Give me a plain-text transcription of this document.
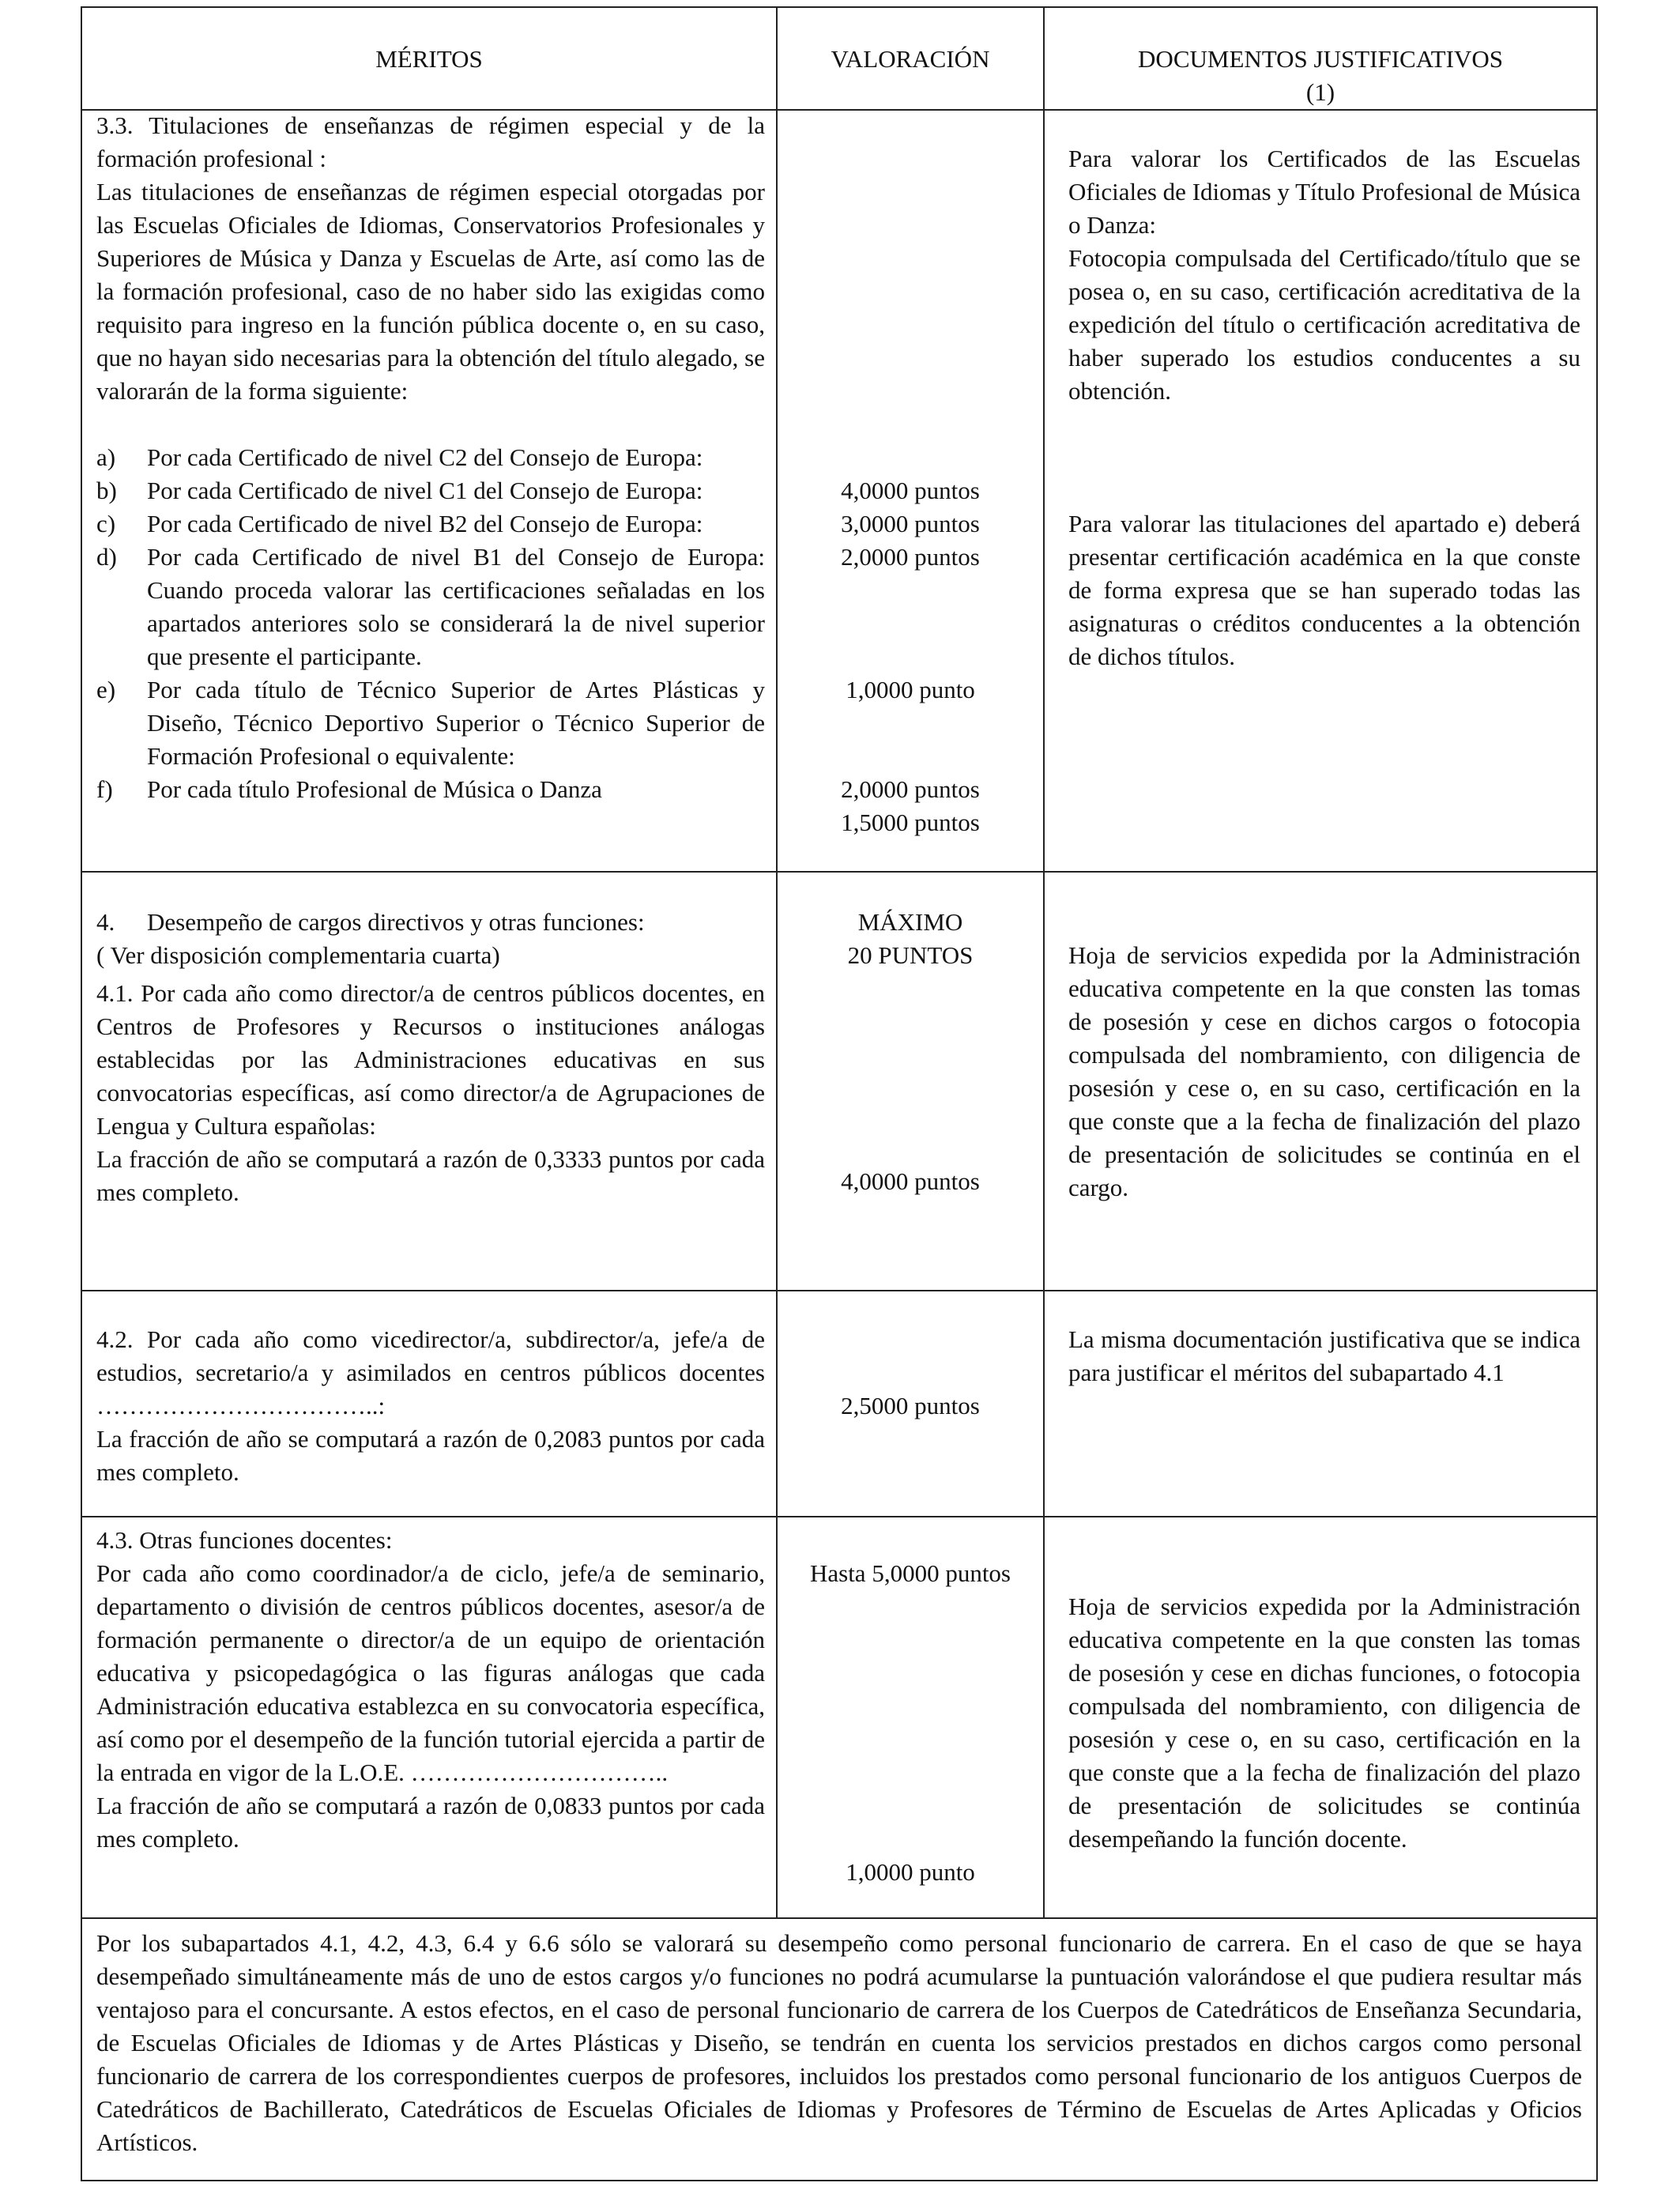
MÉRITOS	VALORACIÓN	DOCUMENTOS JUSTIFICATIVOS
(1)

3.3. Titulaciones de enseñanzas de régimen especial y de la formación profesional :

Las titulaciones de enseñanzas de régimen especial otorgadas por las Escuelas Oficiales de Idiomas, Conservatorios Profesionales y Superiores de Música y Danza y Escuelas de Arte, así como las de la formación profesional, caso de no haber sido las exigidas como requisito para ingreso en la función pública docente o, en su caso, que no hayan sido necesarias para la obtención del título alegado, se valorarán de la forma siguiente:

a) Por cada Certificado de nivel C2 del Consejo de Europa:
b) Por cada Certificado de nivel C1 del Consejo de Europa:
c) Por cada Certificado de nivel B2 del Consejo de Europa:
d) Por cada Certificado de nivel B1 del Consejo de Europa: Cuando proceda valorar las certificaciones señaladas en los apartados anteriores solo se considerará la de nivel superior que presente el participante.
e) Por cada título de Técnico Superior de Artes Plásticas y Diseño, Técnico Deportivo Superior o Técnico Superior de Formación Profesional o equivalente:
f) Por cada título Profesional de Música o Danza
4,0000 puntos
3,0000 puntos
2,0000 puntos
1,0000 punto
2,0000 puntos
1,5000 puntos

Para valorar los Certificados de las Escuelas Oficiales de Idiomas y Título Profesional de Música o Danza:

Fotocopia compulsada del Certificado/título que se posea o, en su caso, certificación acreditativa de la expedición del título o certificación acreditativa de haber superado los estudios conducentes a su obtención.

Para valorar las titulaciones del apartado e) deberá presentar certificación académica en la que conste de forma expresa que se han superado todas las asignaturas o créditos conducentes a la obtención de dichos títulos.
4. Desempeño de cargos directivos y otras funciones:

( Ver disposición complementaria cuarta)

4.1. Por cada año como director/a de centros públicos docentes, en Centros de Profesores y Recursos o instituciones análogas establecidas por las Administraciones educativas en sus convocatorias específicas, así como director/a de Agrupaciones de Lengua y Cultura españolas:

La fracción de año se computará a razón de 0,3333 puntos por cada mes completo.

MÁXIMO
20 PUNTOS
4,0000 puntos
Hoja de servicios expedida por la Administración educativa competente en la que consten las tomas de posesión y cese en dichos cargos o fotocopia compulsada del nombramiento, con diligencia de posesión y cese o, en su caso, certificación en la que conste que a la fecha de finalización del plazo de presentación de solicitudes se continúa en el cargo.

4.2. Por cada año como vicedirector/a, subdirector/a, jefe/a de estudios, secretario/a y asimilados en centros públicos docentes ……………………………..:

La fracción de año se computará a razón de 0,2083 puntos por cada mes completo.

2,5000 puntos
La misma documentación justificativa que se indica para justificar el méritos del subapartado 4.1

4.3. Otras funciones docentes:

Por cada año como coordinador/a de ciclo, jefe/a de seminario, departamento o división de centros públicos docentes, asesor/a de formación permanente o director/a de un equipo de orientación educativa y psicopedagógica o las figuras análogas que cada Administración educativa establezca en su convocatoria específica, así como por el desempeño de la función tutorial ejercida a partir de la entrada en vigor de la L.O.E. …………………………..

La fracción de año se computará a razón de 0,0833 puntos por cada mes completo.

Hasta 5,0000 puntos
1,0000 punto
Hoja de servicios expedida por la Administración educativa competente en la que consten las tomas de posesión y cese en dichas funciones, o fotocopia compulsada del nombramiento, con diligencia de posesión y cese o, en su caso, certificación en la que conste que a la fecha de finalización del plazo de presentación de solicitudes se continúa desempeñando la función docente.

Por los subapartados 4.1, 4.2, 4.3, 6.4 y 6.6 sólo se valorará su desempeño como personal funcionario de carrera. En el caso de que se haya desempeñado simultáneamente más de uno de estos cargos y/o funciones no podrá acumularse la puntuación valorándose el que pudiera resultar más ventajoso para el concursante. A estos efectos, en el caso de personal funcionario de carrera de los Cuerpos de Catedráticos de Enseñanza Secundaria, de Escuelas Oficiales de Idiomas y de Artes Plásticas y Diseño, se tendrán en cuenta los servicios prestados en dichos cargos como personal funcionario de carrera de los correspondientes cuerpos de profesores, incluidos los prestados como personal funcionario de los antiguos Cuerpos de Catedráticos de Bachillerato, Catedráticos de Escuelas Oficiales de Idiomas y Profesores de Término de Escuelas de Artes Aplicadas y Oficios Artísticos.
